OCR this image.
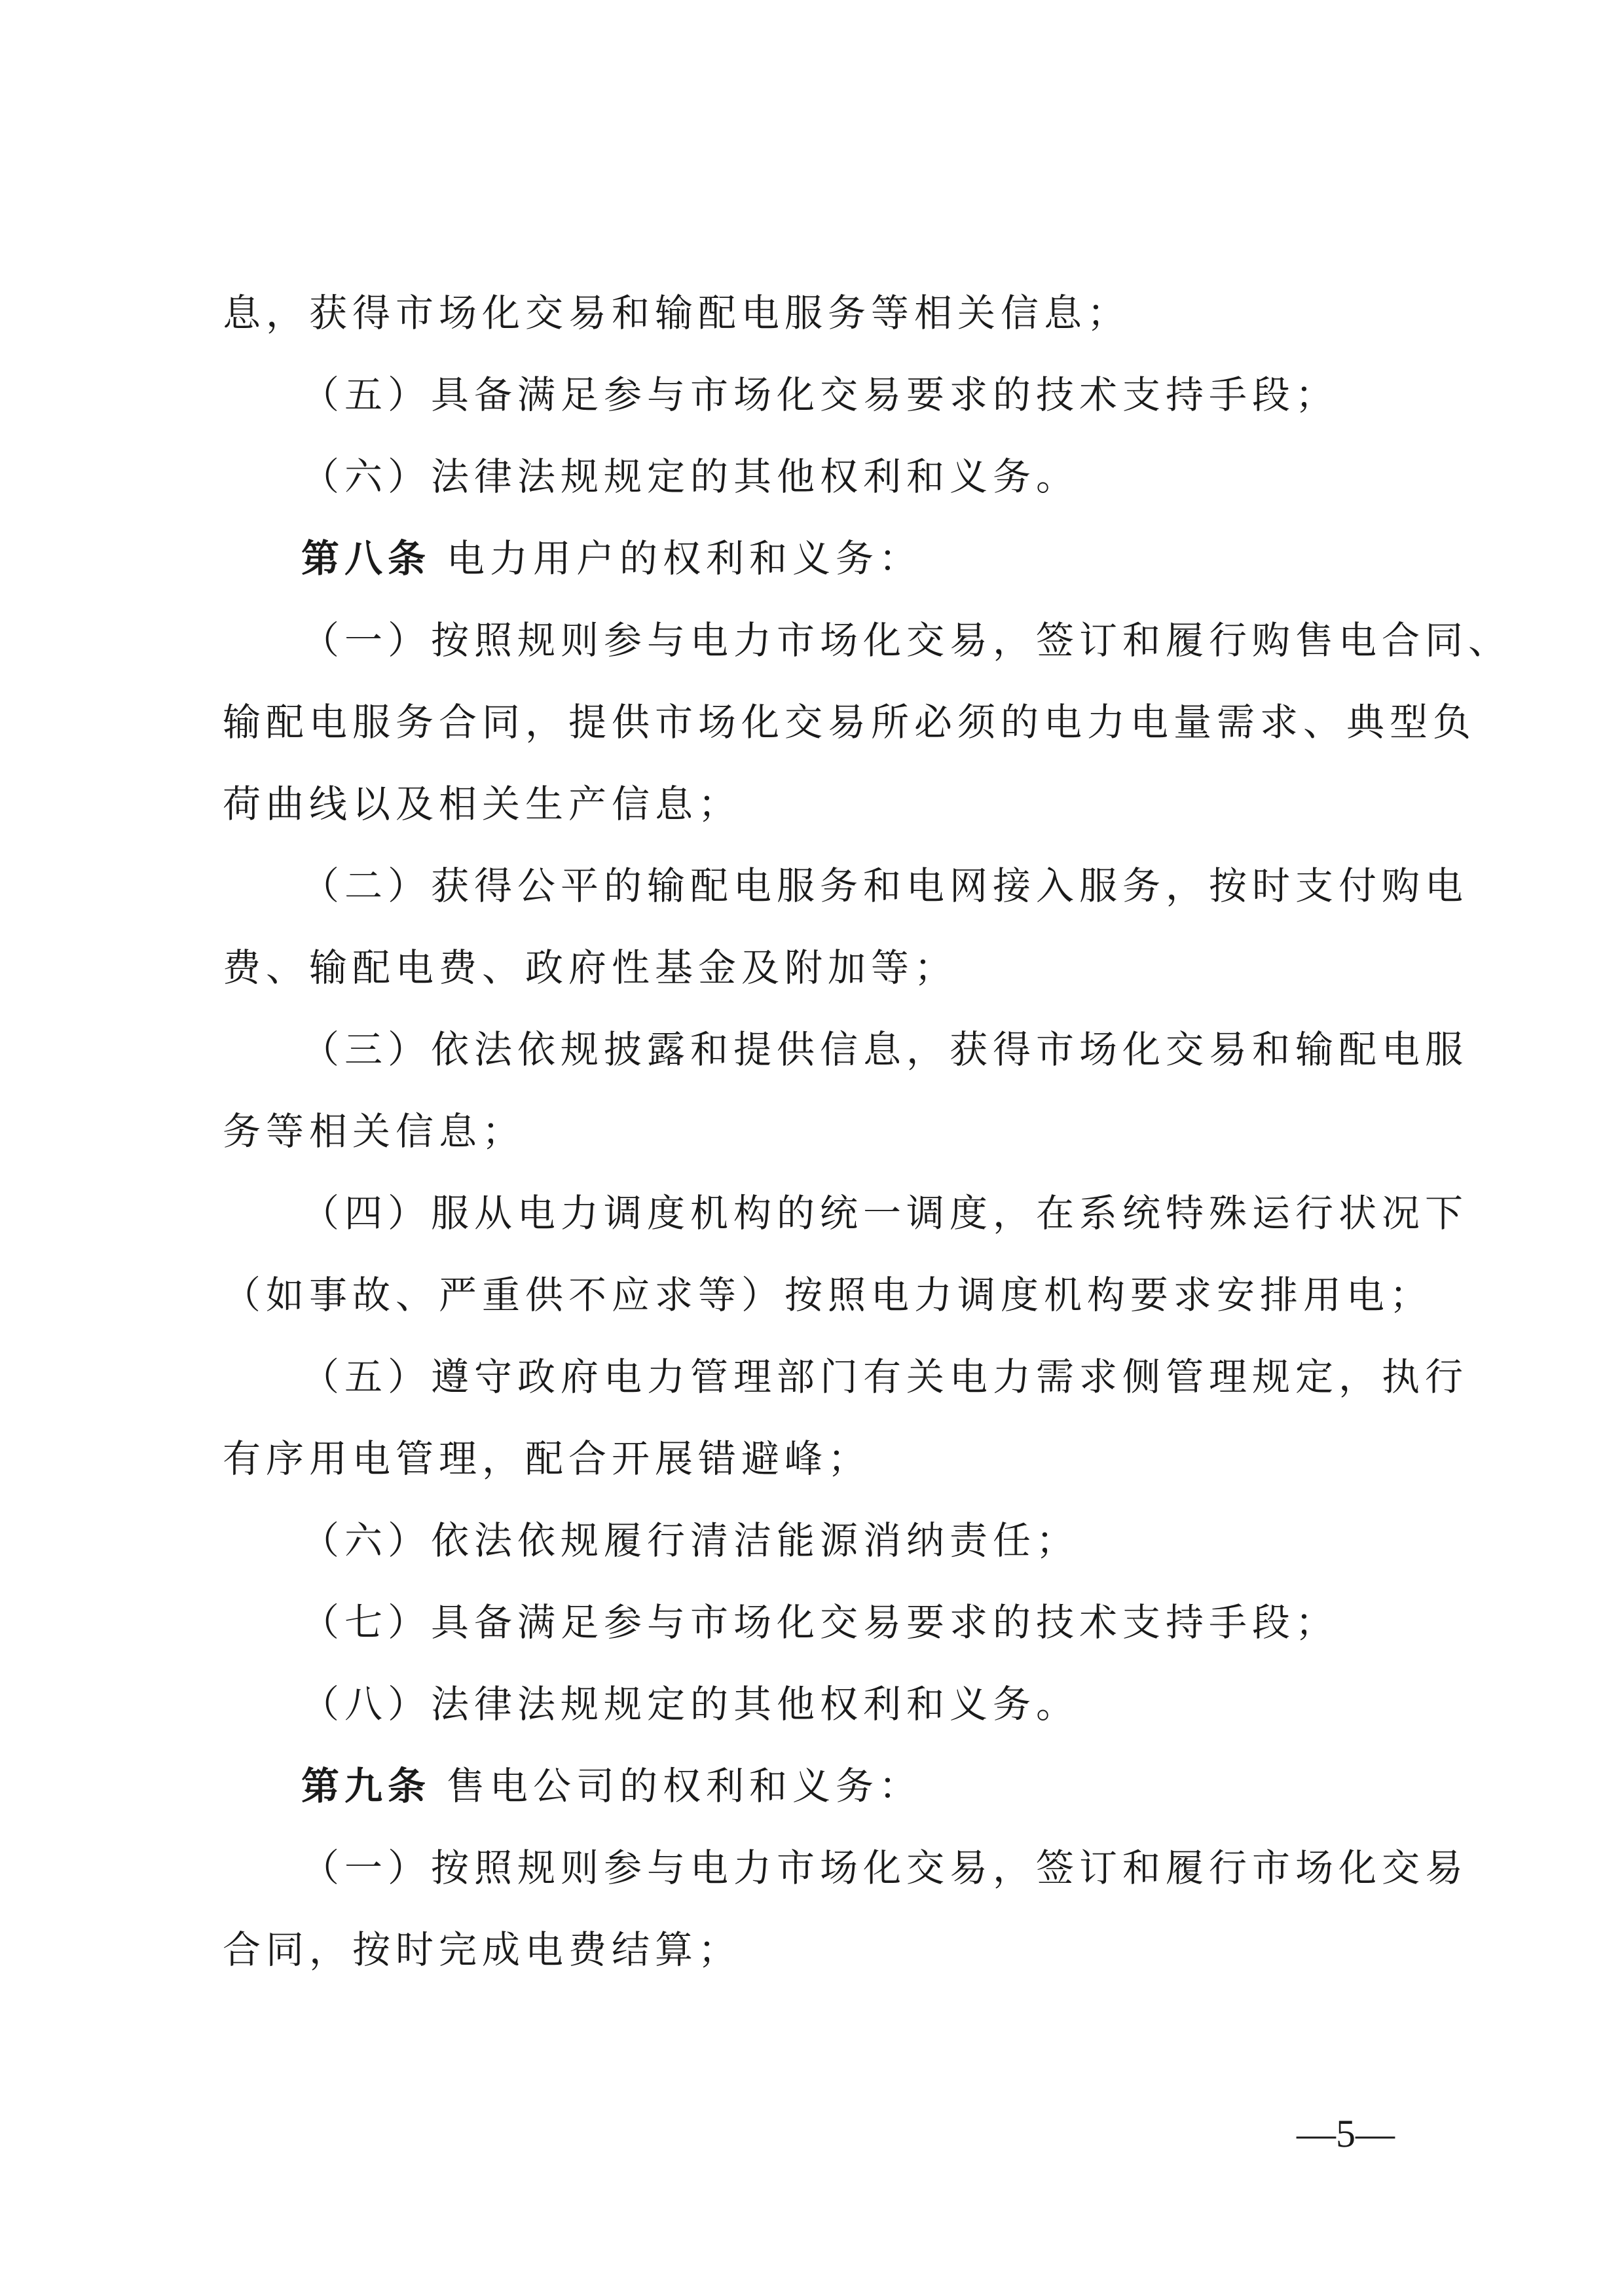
息，获得市场化交易和输配电服务等相关信息；
（五）具备满足参与市场化交易要求的技术支持手段；
（六）法律法规规定的其他权利和义务。
第八条 电力用户的权利和义务：
（一）按照规则参与电力市场化交易，签订和履行购售电合同、
输配电服务合同，提供市场化交易所必须的电力电量需求、典型负
荷曲线以及相关生产信息；
（二）获得公平的输配电服务和电网接入服务，按时支付购电
费、输配电费、政府性基金及附加等；
（三）依法依规披露和提供信息，获得市场化交易和输配电服
务等相关信息；
（四）服从电力调度机构的统一调度，在系统特殊运行状况下
（如事故、严重供不应求等）按照电力调度机构要求安排用电；
（五）遵守政府电力管理部门有关电力需求侧管理规定，执行
有序用电管理，配合开展错避峰；
（六）依法依规履行清洁能源消纳责任；
（七）具备满足参与市场化交易要求的技术支持手段；
（八）法律法规规定的其他权利和义务。
第九条 售电公司的权利和义务：
（一）按照规则参与电力市场化交易，签订和履行市场化交易
合同，按时完成电费结算；
—5—
